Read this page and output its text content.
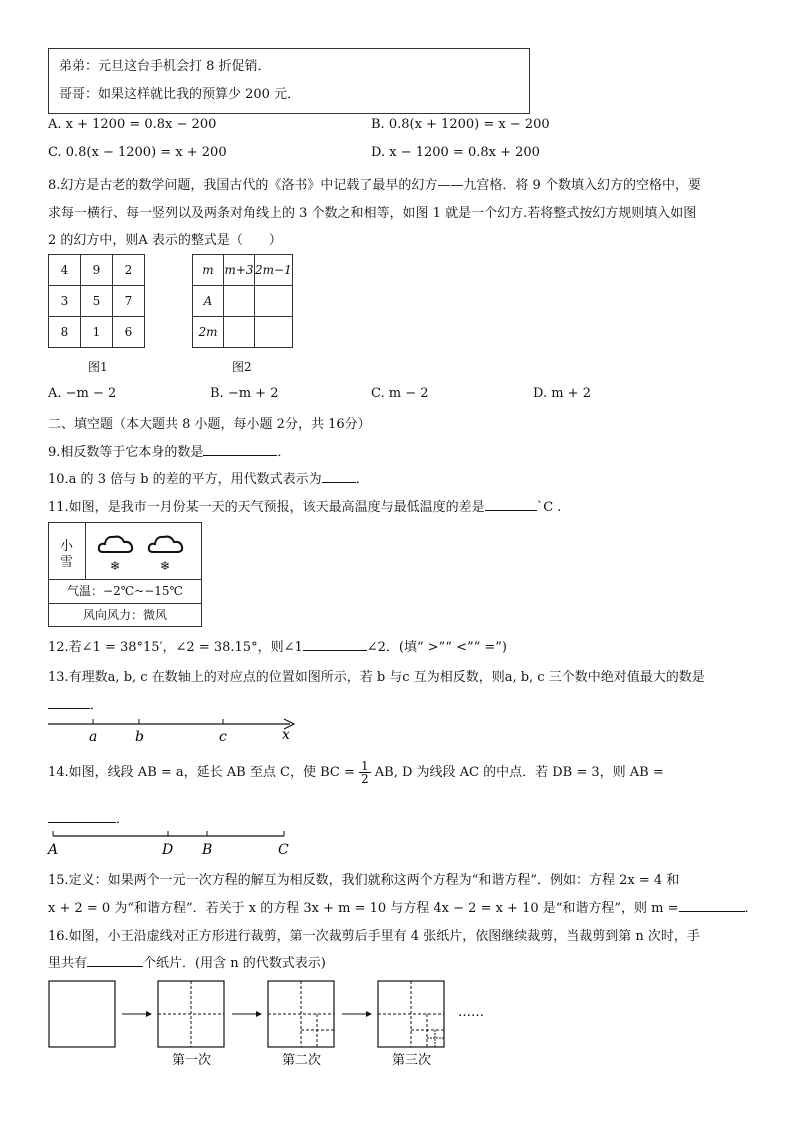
弟弟：元旦这台手机会打 8 折促销．
哥哥：如果这样就比我的预算少 200 元．
A. x + 1200 = 0.8x − 200	B. 0.8(x + 1200) = x − 200
C. 0.8(x − 1200) = x + 200	D. x − 1200 = 0.8x + 200
8.幻方是古老的数学问题，我国古代的《洛书》中记载了最早的幻方——九宫格．将 9 个数填入幻方的空格中，要
求每一横行、每一竖列以及两条对角线上的 3 个数之和相等，如图 1 就是一个幻方.若将整式按幻方规则填入如图
2 的幻方中，则A 表示的整式是（　　）
4	9	2
3	5	7
8	1	6
m	m+3	2m−1
A		
2m		
图1	图2
A. −m − 2	B. −m + 2	C. m − 2	D. m + 2
二、填空题（本大题共 8 小题，每小题 2分，共 16分）
9.相反数等于它本身的数是	．
10.a 的 3 倍与 b 的差的平方，用代数式表示为	．
11.如图，是我市一月份某一天的天气预报，该天最高温度与最低温度的差是	`C .
小
雪	❄	❄
气温：−2℃~−15℃
风向风力：微风
12.若∠1 = 38°15′，∠2 = 38.15°，则∠1	∠2．(填“ >”“ <”“ =”)
13.有理数a, b, c 在数轴上的对应点的位置如图所示，若 b 与c 互为相反数，则a, b, c 三个数中绝对值最大的数是
．
a	b	c	x
14.如图，线段 AB = a，延长 AB 至点 C，使 BC = $\frac{1}{2}$ AB, D 为线段 AC 的中点．若 DB = 3，则 AB =
．
A	D B	C
15.定义：如果两个一元一次方程的解互为相反数，我们就称这两个方程为“和谐方程”．例如：方程 2x = 4 和
x + 2 = 0 为“和谐方程”．若关于 x 的方程 3x + m = 10 与方程 4x − 2 = x + 10 是“和谐方程”，则 m =	．
16.如图，小王沿虚线对正方形进行裁剪，第一次裁剪后手里有 4 张纸片，依图继续裁剪，当裁剪到第 n 次时，手
里共有	个纸片．(用含 n 的代数式表示)
……
第一次	第二次	第三次
